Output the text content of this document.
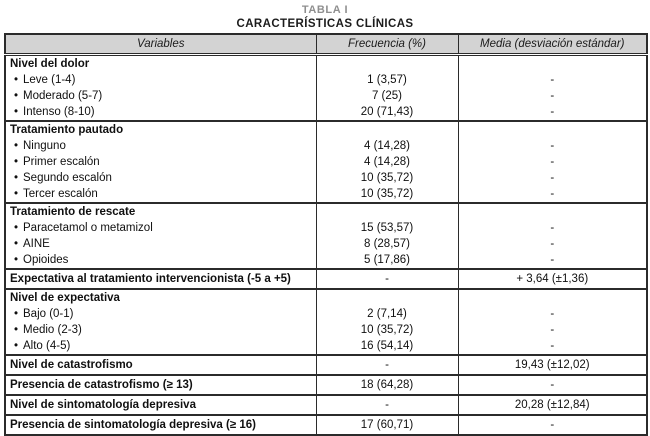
TABLA I
CARACTERÍSTICAS CLÍNICAS
Variables	Frecuencia (%)	Media (desviación estándar)
Nivel del dolor		
• Leve (1-4)	1 (3,57)	-
• Moderado (5-7)	7 (25)	-
• Intenso (8-10)	20 (71,43)	-
Tratamiento pautado		
• Ninguno	4 (14,28)	-
• Primer escalón	4 (14,28)	-
• Segundo escalón	10 (35,72)	-
• Tercer escalón	10 (35,72)	-
Tratamiento de rescate		
• Paracetamol o metamizol	15 (53,57)	-
• AINE	8 (28,57)	-
• Opioides	5 (17,86)	-
Expectativa al tratamiento intervencionista (-5 a +5)	-	+ 3,64 (±1,36)
Nivel de expectativa		
• Bajo (0-1)	2 (7,14)	-
• Medio (2-3)	10 (35,72)	-
• Alto (4-5)	16 (54,14)	-
Nivel de catastrofismo	-	19,43 (±12,02)
Presencia de catastrofismo (≥ 13)	18 (64,28)	-
Nivel de sintomatología depresiva	-	20,28 (±12,84)
Presencia de sintomatología depresiva (≥ 16)	17 (60,71)	-
